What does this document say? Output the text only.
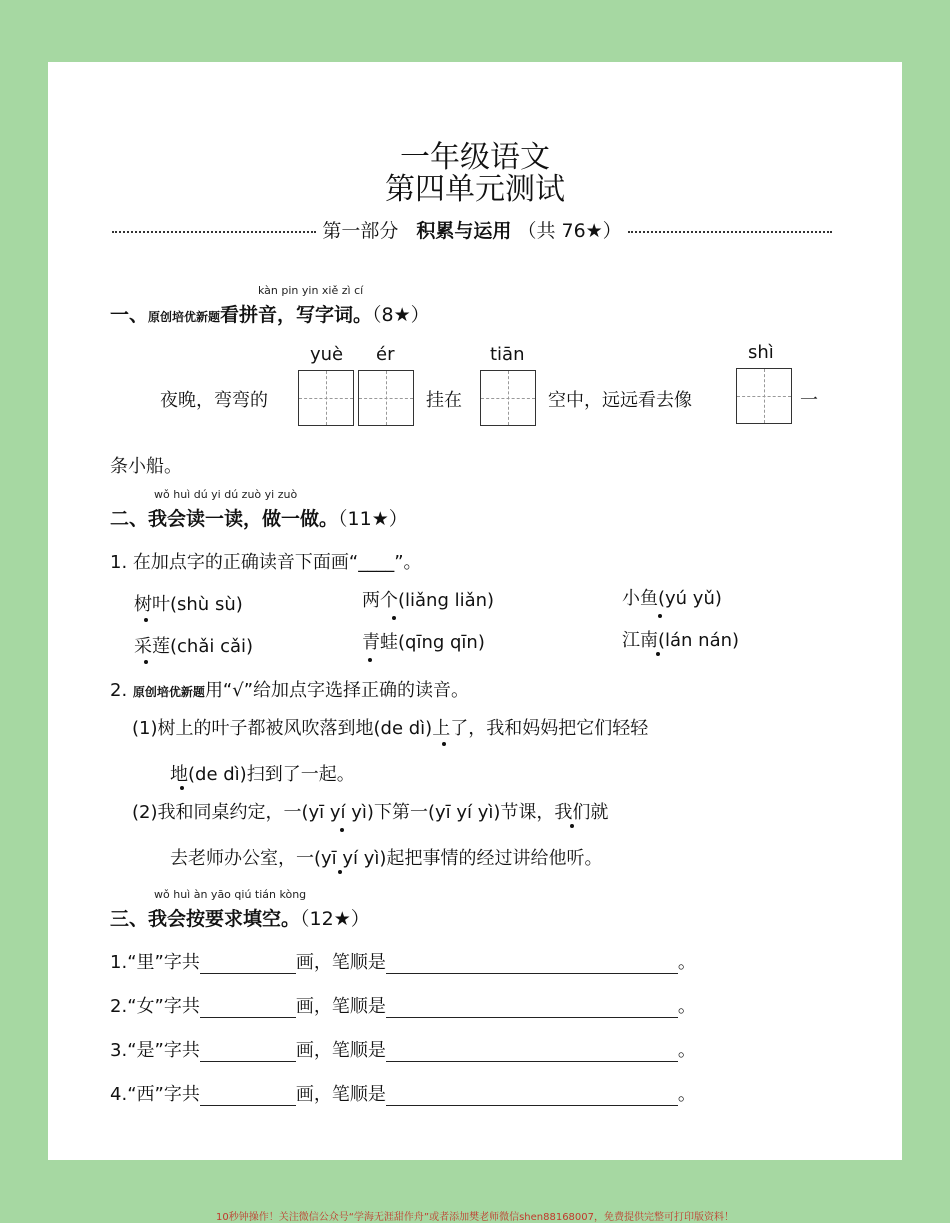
一年级语文
第四单元测试
第一部分 积累与运用 （共 76★）
kàn pin yin xiě zì cí
一、原创培优新题看拼音，写字词。（8★）
yuè ér	tiān	shì
夜晚，弯弯的	挂在	空中，远远看去像	一
条小船。
wǒ huì dú yi dú zuò yi zuò
二、我会读一读，做一做。（11★）
1. 在加点字的正确读音下面画“____”。
树叶(shù sù)	两个(liǎng liǎn)	小鱼(yú yǔ)
采莲(chǎi cǎi)	青蛙(qīng qīn)	江南(lán nán)
2. 原创培优新题用“√”给加点字选择正确的读音。
(1)树上的叶子都被风吹落到地(de dì)上了，我和妈妈把它们轻轻
地(de dì)扫到了一起。
(2)我和同桌约定，一(yī yí yì)下第一(yī yí yì)节课，我们就
去老师办公室，一(yī yí yì)起把事情的经过讲给他听。
wǒ huì àn yāo qiú tián kòng
三、我会按要求填空。（12★）
1.“里”字共	画，笔顺是	。
2.“女”字共	画，笔顺是	。
3.“是”字共	画，笔顺是	。
4.“西”字共	画，笔顺是	。
10秒钟操作！关注微信公众号“学海无涯甜作舟”或者添加樊老师微信shen88168007，免费提供完整可打印版资料！
